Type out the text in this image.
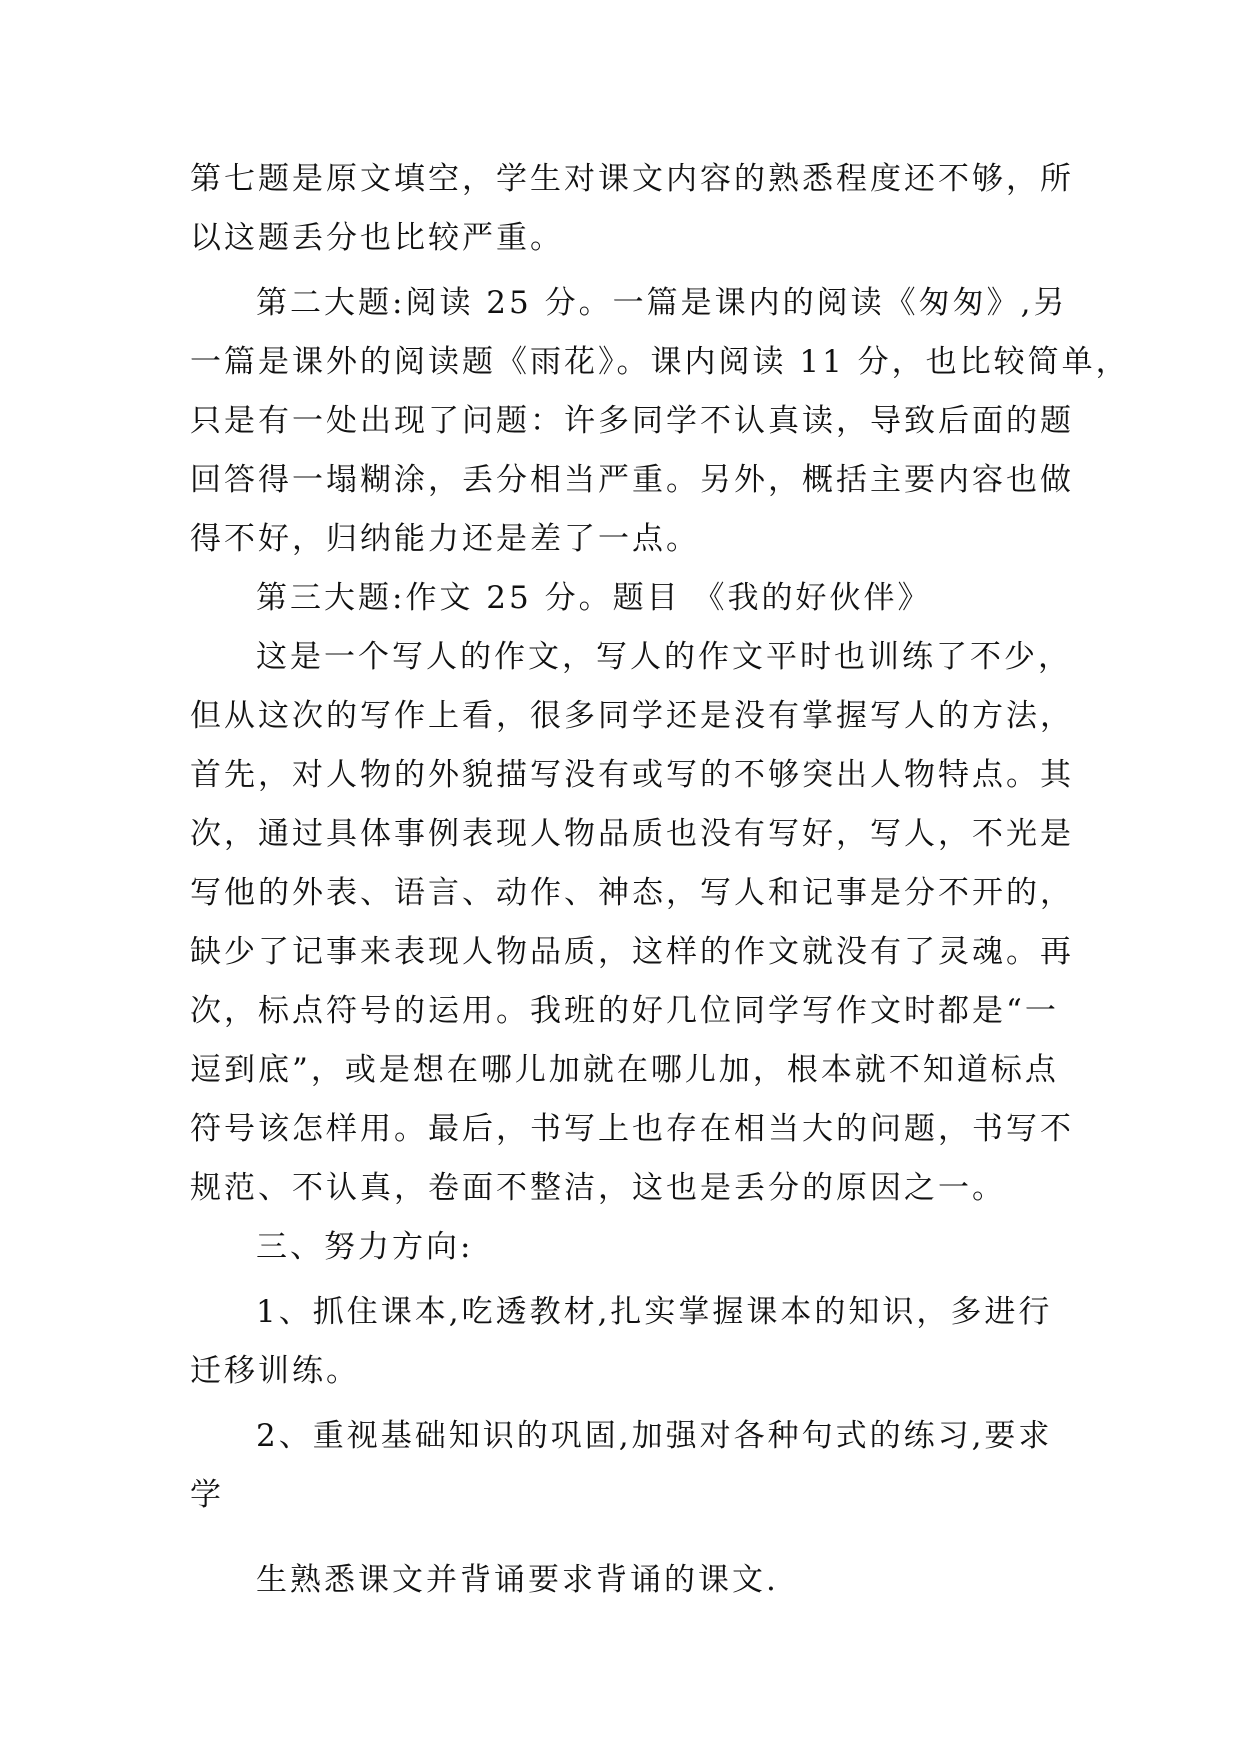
第七题是原文填空，学生对课文内容的熟悉程度还不够，所
以这题丢分也比较严重。
第二大题:阅读 25 分。一篇是课内的阅读《匆匆》,另
一篇是课外的阅读题《雨花》。课内阅读 11 分，也比较简单，
只是有一处出现了问题：许多同学不认真读，导致后面的题
回答得一塌糊涂，丢分相当严重。另外，概括主要内容也做
得不好，归纳能力还是差了一点。
第三大题:作文 25 分。题目 《我的好伙伴》
这是一个写人的作文，写人的作文平时也训练了不少，
但从这次的写作上看，很多同学还是没有掌握写人的方法，
首先，对人物的外貌描写没有或写的不够突出人物特点。其
次，通过具体事例表现人物品质也没有写好，写人，不光是
写他的外表、语言、动作、神态，写人和记事是分不开的，
缺少了记事来表现人物品质，这样的作文就没有了灵魂。再
次，标点符号的运用。我班的好几位同学写作文时都是“一
逗到底”，或是想在哪儿加就在哪儿加，根本就不知道标点
符号该怎样用。最后，书写上也存在相当大的问题，书写不
规范、不认真，卷面不整洁，这也是丢分的原因之一。
三、努力方向:
1、抓住课本,吃透教材,扎实掌握课本的知识，多进行
迁移训练。
2、重视基础知识的巩固,加强对各种句式的练习,要求
学
生熟悉课文并背诵要求背诵的课文.
